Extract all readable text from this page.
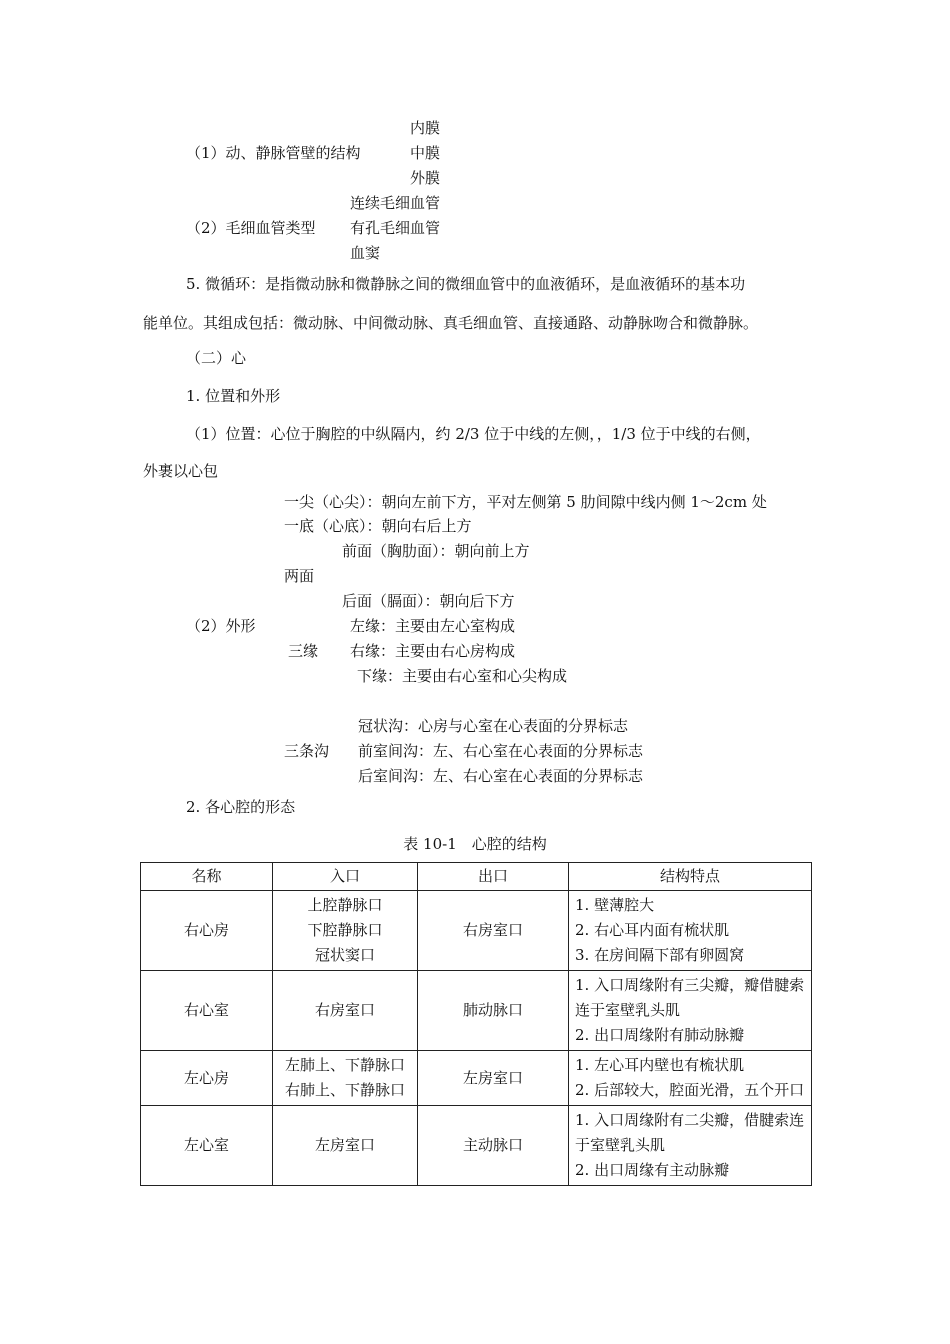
内膜
（1）动、静脉管壁的结构	中膜
外膜
连续毛细血管
（2）毛细血管类型 有孔毛细血管
血窦
5. 微循环：是指微动脉和微静脉之间的微细血管中的血液循环，是血液循环的基本功
能单位。其组成包括：微动脉、中间微动脉、真毛细血管、直接通路、动静脉吻合和微静脉。
（二）心
1. 位置和外形
（1）位置：心位于胸腔的中纵隔内，约 2/3 位于中线的左侧，，1/3 位于中线的右侧，
外裹以心包
一尖（心尖）：朝向左前下方，平对左侧第 5 肋间隙中线内侧 1～2cm 处
一底（心底）：朝向右后上方
前面（胸肋面）：朝向前上方
两面
后面（膈面）：朝向后下方
（2）外形	左缘：主要由左心室构成
三缘 右缘：主要由右心房构成
下缘：主要由右心室和心尖构成
冠状沟：心房与心室在心表面的分界标志
三条沟 前室间沟：左、右心室在心表面的分界标志
后室间沟：左、右心室在心表面的分界标志
2. 各心腔的形态
表 10-1　心腔的结构
名称	入口	出口	结构特点
右心房	上腔静脉口
下腔静脉口
冠状窦口	右房室口	1. 壁薄腔大
2. 右心耳内面有梳状肌
3. 在房间隔下部有卵圆窝

右心室	右房室口	肺动脉口	1. 入口周缘附有三尖瓣，瓣借腱索连于室壁乳头肌
2. 出口周缘附有肺动脉瓣

左心房	左肺上、下静脉口
右肺上、下静脉口	左房室口	1. 左心耳内壁也有梳状肌
2. 后部较大，腔面光滑，五个开口

左心室	左房室口	主动脉口	1. 入口周缘附有二尖瓣，借腱索连于室壁乳头肌
2. 出口周缘有主动脉瓣
